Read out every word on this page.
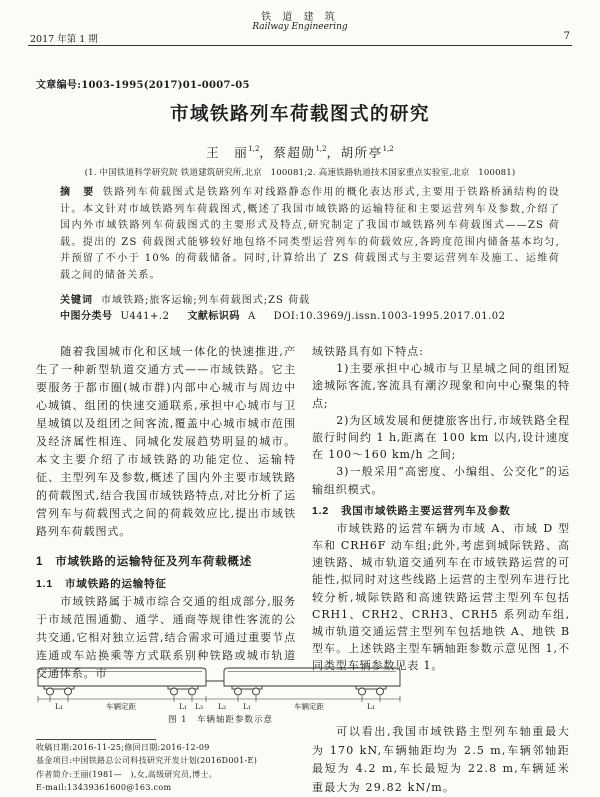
铁 道 建 筑
Railway Engineering
2017 年第 1 期	7
文章编号:1003-1995(2017)01-0007-05
市域铁路列车荷载图式的研究
王　丽$^{1,2}$，蔡超勋$^{1,2}$，胡所亭$^{1,2}$
(1. 中国铁道科学研究院 铁道建筑研究所,北京　100081;2. 高速铁路轨道技术国家重点实验室,北京　100081)

摘　要 铁路列车荷载图式是铁路列车对线路静态作用的概化表达形式,主要用于铁路桥涵结构的设计。本文针对市域铁路列车荷载图式,概述了我国市域铁路的运输特征和主要运营列车及参数,介绍了国内外市域铁路列车荷载图式的主要形式及特点,研究制定了我国市域铁路列车荷载图式——ZS 荷载。提出的 ZS 荷载图式能够较好地包络不同类型运营列车的荷载效应,各跨度范围内储备基本均匀,并预留了不小于 10% 的荷载储备。同时,计算给出了 ZS 荷载图式与主要运营列车及施工、运维荷载之间的储备关系。

关键词 市域铁路;旅客运输;列车荷载图式;ZS 荷载
中图分类号 U441+.2 文献标识码 A DOI:10.3969/j.issn.1003-1995.2017.01.02

随着我国城市化和区域一体化的快速推进,产生了一种新型轨道交通方式——市域铁路。它主要服务于都市圈(城市群)内部中心城市与周边中心城镇、组团的快速交通联系,承担中心城市与卫星城镇以及组团之间客流,覆盖中心城市城市范围及经济属性相连、同城化发展趋势明显的城市。本文主要介绍了市域铁路的功能定位、运输特征、主型列车及参数,概述了国内外主要市域铁路的荷载图式,结合我国市域铁路特点,对比分析了运营列车与荷载图式之间的荷载效应比,提出市域铁路列车荷载图式。

1 市域铁路的运输特征及列车荷载概述
1.1 市域铁路的运输特征

市域铁路属于城市综合交通的组成部分,服务于市域范围通勤、通学、通商等规律性客流的公共交通,它相对独立运营,结合需求可通过重要节点连通或车站换乘等方式联系别种铁路或城市轨道交通体系。市

域铁路具有如下特点:

1)主要承担中心城市与卫星城之间的组团短途城际客流,客流具有潮汐现象和向中心聚集的特点;

2)为区域发展和便捷旅客出行,市域铁路全程旅行时间约 1 h,距离在 100 km 以内,设计速度在 100～160 km/h 之间;

3)一般采用“高密度、小编组、公交化”的运输组织模式。

1.2 我国市域铁路主要运营列车及参数

市域铁路的运营车辆为市域 A、市域 D 型车和 CRH6F 动车组;此外,考虑到城际铁路、高速铁路、城市轨道交通列车在市域铁路运营的可能性,拟同时对这些线路上运营的主型列车进行比较分析,城际铁路和高速铁路运营主型列车包括 CRH1、CRH2、CRH3、CRH5 系列动车组,城市轨道交通运营主型列车包括地铁 A、地铁 B 型车。上述铁路主型车辆轴距参数示意见图 1,不同类型车辆参数见表 1。

L₁	车辆定距	L₁ L₃ L₂ L₁	车辆定距	L₁
图 1　车辆轴距参数示意
收稿日期:2016-11-25;修回日期:2016-12-09
基金项目:中国铁路总公司科技研究开发计划(2016D001-E)
作者简介:王丽(1981—　),女,高级研究员,博士。
E-mail:13439361600@163.com

可以看出,我国市域铁路主型列车轴重最大为 170 kN,车辆轴距均为 2.5 m,车辆邻轴距最短为 4.2 m,车长最短为 22.8 m,车辆延米重最大为 29.82 kN/m。
